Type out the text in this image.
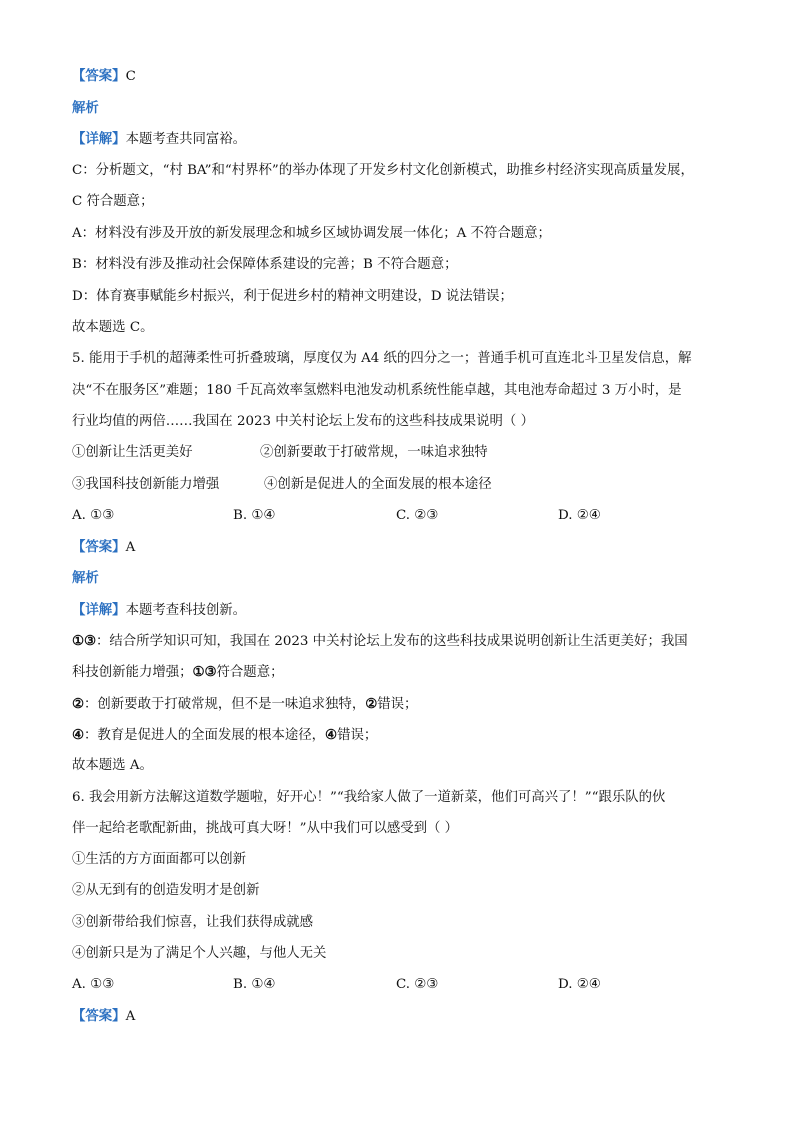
【答案】C
解析
【详解】本题考查共同富裕。
C：分析题文，“村 BA”和“村界杯”的举办体现了开发乡村文化创新模式，助推乡村经济实现高质量发展，
C 符合题意；
A：材料没有涉及开放的新发展理念和城乡区域协调发展一体化；A 不符合题意；
B：材料没有涉及推动社会保障体系建设的完善；B 不符合题意；
D：体育赛事赋能乡村振兴，利于促进乡村的精神文明建设，D 说法错误；
故本题选 C。
5. 能用于手机的超薄柔性可折叠玻璃，厚度仅为 A4 纸的四分之一；普通手机可直连北斗卫星发信息，解
决“不在服务区”难题；180 千瓦高效率氢燃料电池发动机系统性能卓越，其电池寿命超过 3 万小时，是
行业均值的两倍……我国在 2023 中关村论坛上发布的这些科技成果说明（ ）
①创新让生活更美好	②创新要敢于打破常规，一味追求独特
③我国科技创新能力增强	④创新是促进人的全面发展的根本途径
A. ①③	B. ①④	C. ②③	D. ②④
【答案】A
解析
【详解】本题考查科技创新。
①③：结合所学知识可知，我国在 2023 中关村论坛上发布的这些科技成果说明创新让生活更美好；我国
科技创新能力增强；①③符合题意；
②：创新要敢于打破常规，但不是一味追求独特，②错误；
④：教育是促进人的全面发展的根本途径，④错误；
故本题选 A。
6. 我会用新方法解这道数学题啦，好开心！”“我给家人做了一道新菜，他们可高兴了！”“跟乐队的伙
伴一起给老歌配新曲，挑战可真大呀！”从中我们可以感受到（ ）
①生活的方方面面都可以创新
②从无到有的创造发明才是创新
③创新带给我们惊喜，让我们获得成就感
④创新只是为了满足个人兴趣，与他人无关
A. ①③	B. ①④	C. ②③	D. ②④
【答案】A
